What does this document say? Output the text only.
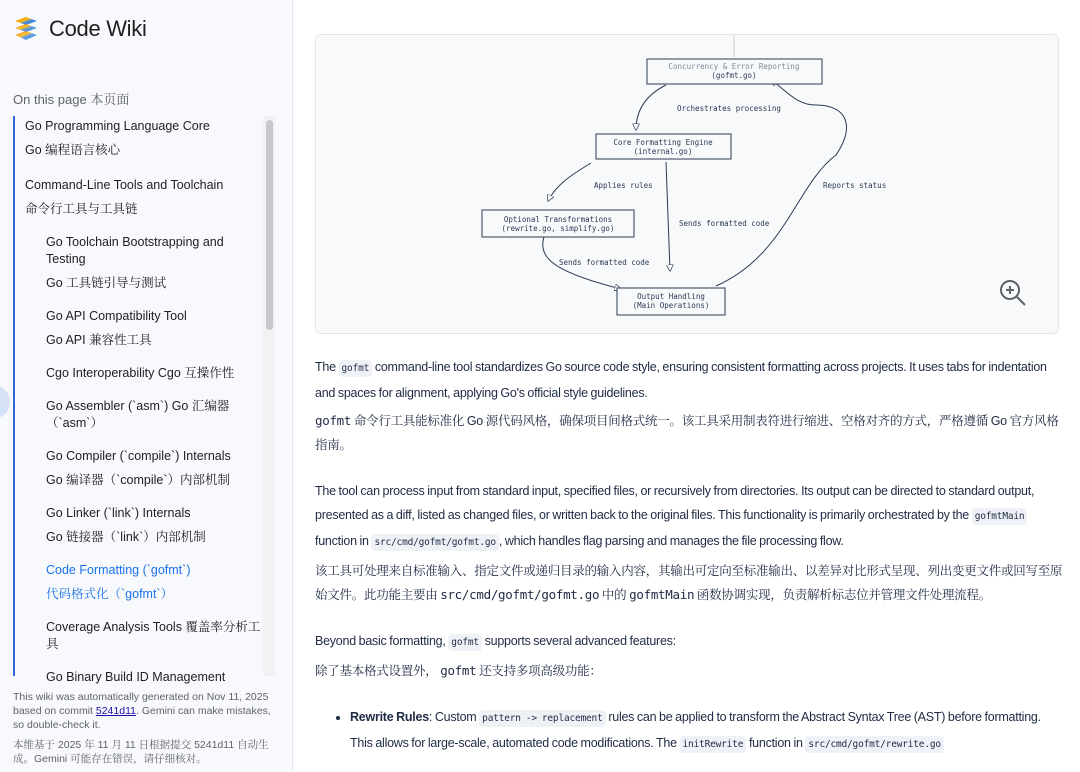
Code Wiki
On this page 本页面
Go Programming Language Core
Go 编程语言核心
Command-Line Tools and Toolchain
命令行工具与工具链
Go Toolchain Bootstrapping and Testing
Go 工具链引导与测试
Go API Compatibility Tool
Go API 兼容性工具
Cgo Interoperability Cgo 互操作性
Go Assembler (`asm`) Go 汇编器（`asm`）
Go Compiler (`compile`) Internals
Go 编译器（`compile`）内部机制
Go Linker (`link`) Internals
Go 链接器（`link`）内部机制
Code Formatting (`gofmt`)
代码格式化（`gofmt`）
Coverage Analysis Tools 覆盖率分析工具
Go Binary Build ID Management

This wiki was automatically generated on Nov 11, 2025 based on commit 5241d11. Gemini can make mistakes, so double-check it.

本维基于 2025 年 11 月 11 日根据提交 5241d11 自动生成。Gemini 可能存在错误，请仔细核对。

Concurrency & Error Reporting
(gofmt.go)
Core Formatting Engine
(internal.go)
Optional Transformations
(rewrite.go, simplify.go)
Output Handling
(Main Operations)
Orchestrates processing
Applies rules
Sends formatted code
Sends formatted code
Reports status

The gofmt command-line tool standardizes Go source code style, ensuring consistent formatting across projects. It uses tabs for indentation and spaces for alignment, applying Go's official style guidelines.

gofmt 命令行工具能标准化 Go 源代码风格，确保项目间格式统一。该工具采用制表符进行缩进、空格对齐的方式，严格遵循 Go 官方风格指南。

The tool can process input from standard input, specified files, or recursively from directories. Its output can be directed to standard output, presented as a diff, listed as changed files, or written back to the original files. This functionality is primarily orchestrated by the gofmtMain function in src/cmd/gofmt/gofmt.go , which handles flag parsing and manages the file processing flow.

该工具可处理来自标准输入、指定文件或递归目录的输入内容，其输出可定向至标准输出、以差异对比形式呈现、列出变更文件或回写至原始文件。此功能主要由 src/cmd/gofmt/gofmt.go 中的 gofmtMain 函数协调实现，负责解析标志位并管理文件处理流程。

Beyond basic formatting, gofmt supports several advanced features:

除了基本格式设置外， gofmt 还支持多项高级功能：

• Rewrite Rules: Custom pattern -> replacement rules can be applied to transform the Abstract Syntax Tree (AST) before formatting. This allows for large-scale, automated code modifications. The initRewrite function in src/cmd/gofmt/rewrite.go
